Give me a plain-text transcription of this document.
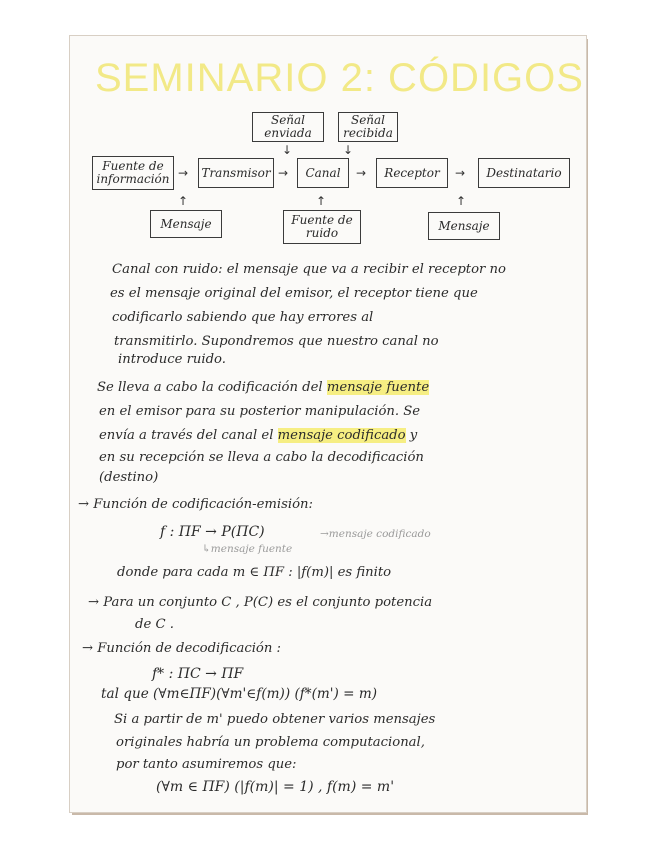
SEMINARIO 2: CÓDIGOS
Señal enviada
Señal recibida
↓	↓
Fuente de información → Transmisor → Canal → Receptor → Destinatario
↑	↑	↑
Mensaje	Fuente de ruido
Mensaje
Canal con ruido: el mensaje que va a recibir el receptor no
es el mensaje original del emisor, el receptor tiene que
codificarlo sabiendo que hay errores al
transmitirlo. Supondremos que nuestro canal no
introduce ruido.
Se lleva a cabo la codificación del mensaje fuente
en el emisor para su posterior manipulación. Se
envía a través del canal el mensaje codificado y
en su recepción se lleva a cabo la decodificación
(destino)
→ Función de codificación-emisión:
f : ΠF → P(ΠC)	→mensaje codificado
↳mensaje fuente
donde para cada m ∈ ΠF : |f(m)| es finito
→ Para un conjunto C , P(C) es el conjunto potencia
de C .
→ Función de decodificación :
f* : ΠC → ΠF
tal que (∀m∈ΠF)(∀m'∈f(m)) (f*(m') = m)
Si a partir de m' puedo obtener varios mensajes
originales habría un problema computacional,
por tanto asumiremos que:
(∀m ∈ ΠF) (|f(m)| = 1) , f(m) = m'
